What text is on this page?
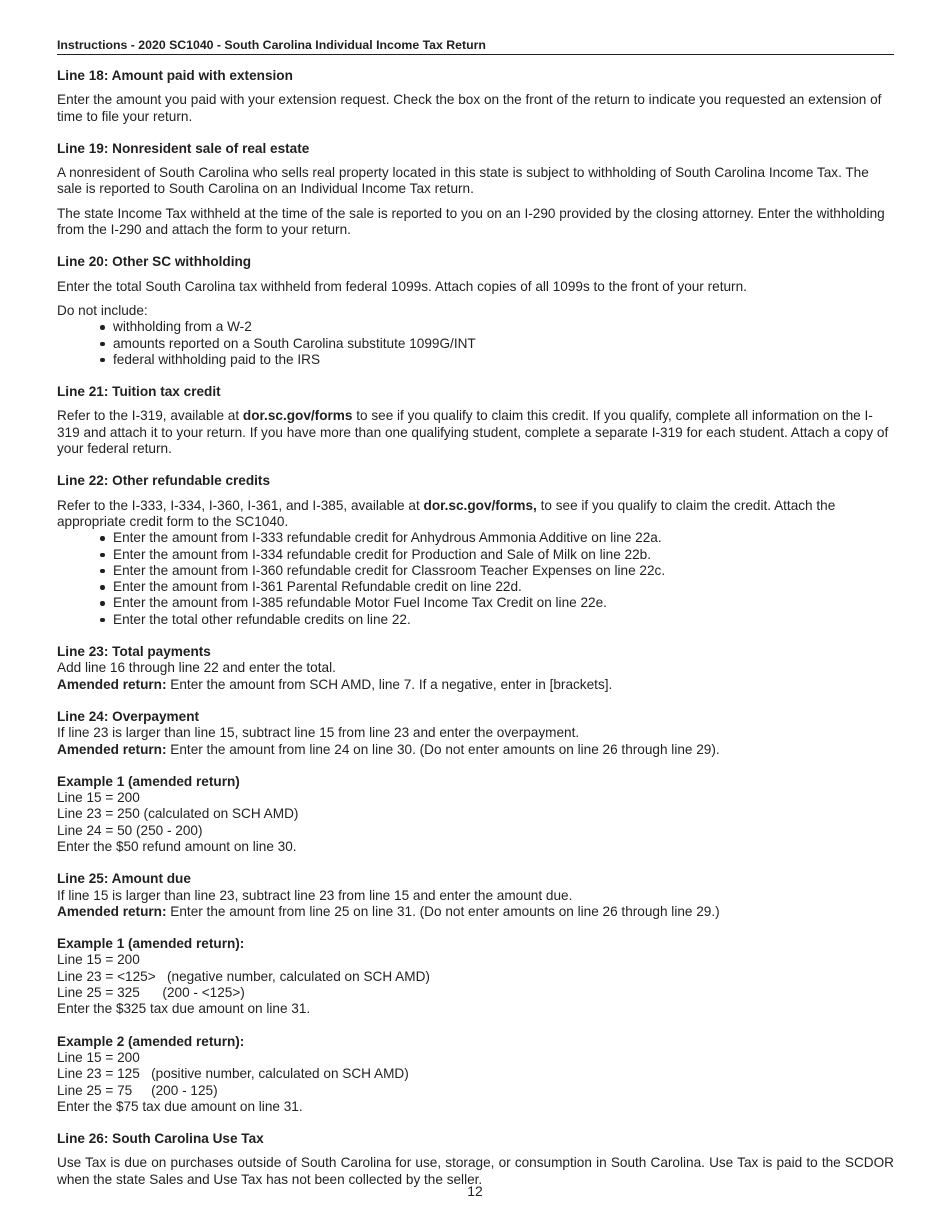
Instructions - 2020 SC1040 - South Carolina Individual Income Tax Return

Line 18: Amount paid with extension

Enter the amount you paid with your extension request. Check the box on the front of the return to indicate you requested an extension of time to file your return.

Line 19: Nonresident sale of real estate

A nonresident of South Carolina who sells real property located in this state is subject to withholding of South Carolina Income Tax. The sale is reported to South Carolina on an Individual Income Tax return.

The state Income Tax withheld at the time of the sale is reported to you on an I-290 provided by the closing attorney. Enter the withholding from the I-290 and attach the form to your return.

Line 20: Other SC withholding

Enter the total South Carolina tax withheld from federal 1099s. Attach copies of all 1099s to the front of your return.

Do not include:

withholding from a W-2
amounts reported on a South Carolina substitute 1099G/INT
federal withholding paid to the IRS

Line 21: Tuition tax credit

Refer to the I-319, available at dor.sc.gov/forms to see if you qualify to claim this credit. If you qualify, complete all information on the I-319 and attach it to your return. If you have more than one qualifying student, complete a separate I-319 for each student. Attach a copy of your federal return.

Line 22: Other refundable credits

Refer to the I-333, I-334, I-360, I-361, and I-385, available at dor.sc.gov/forms, to see if you qualify to claim the credit. Attach the appropriate credit form to the SC1040.

Enter the amount from I-333 refundable credit for Anhydrous Ammonia Additive on line 22a.
Enter the amount from I-334 refundable credit for Production and Sale of Milk on line 22b.
Enter the amount from I-360 refundable credit for Classroom Teacher Expenses on line 22c.
Enter the amount from I-361 Parental Refundable credit on line 22d.
Enter the amount from I-385 refundable Motor Fuel Income Tax Credit on line 22e.
Enter the total other refundable credits on line 22.

Line 23: Total payments

Add line 16 through line 22 and enter the total.
Amended return: Enter the amount from SCH AMD, line 7. If a negative, enter in [brackets].

Line 24: Overpayment

If line 23 is larger than line 15, subtract line 15 from line 23 and enter the overpayment.
Amended return: Enter the amount from line 24 on line 30. (Do not enter amounts on line 26 through line 29).

Example 1 (amended return)

Line 15 = 200
Line 23 = 250 (calculated on SCH AMD)
Line 24 = 50 (250 - 200)
Enter the $50 refund amount on line 30.

Line 25: Amount due

If line 15 is larger than line 23, subtract line 23 from line 15 and enter the amount due.
Amended return: Enter the amount from line 25 on line 31. (Do not enter amounts on line 26 through line 29.)

Example 1 (amended return):

Line 15 = 200
Line 23 = <125>   (negative number, calculated on SCH AMD)
Line 25 = 325      (200 - <125>)
Enter the $325 tax due amount on line 31.

Example 2 (amended return):

Line 15 = 200
Line 23 = 125   (positive number, calculated on SCH AMD)
Line 25 = 75     (200 - 125)
Enter the $75 tax due amount on line 31.

Line 26: South Carolina Use Tax

Use Tax is due on purchases outside of South Carolina for use, storage, or consumption in South Carolina. Use Tax is paid to the SCDOR when the state Sales and Use Tax has not been collected by the seller.

12
